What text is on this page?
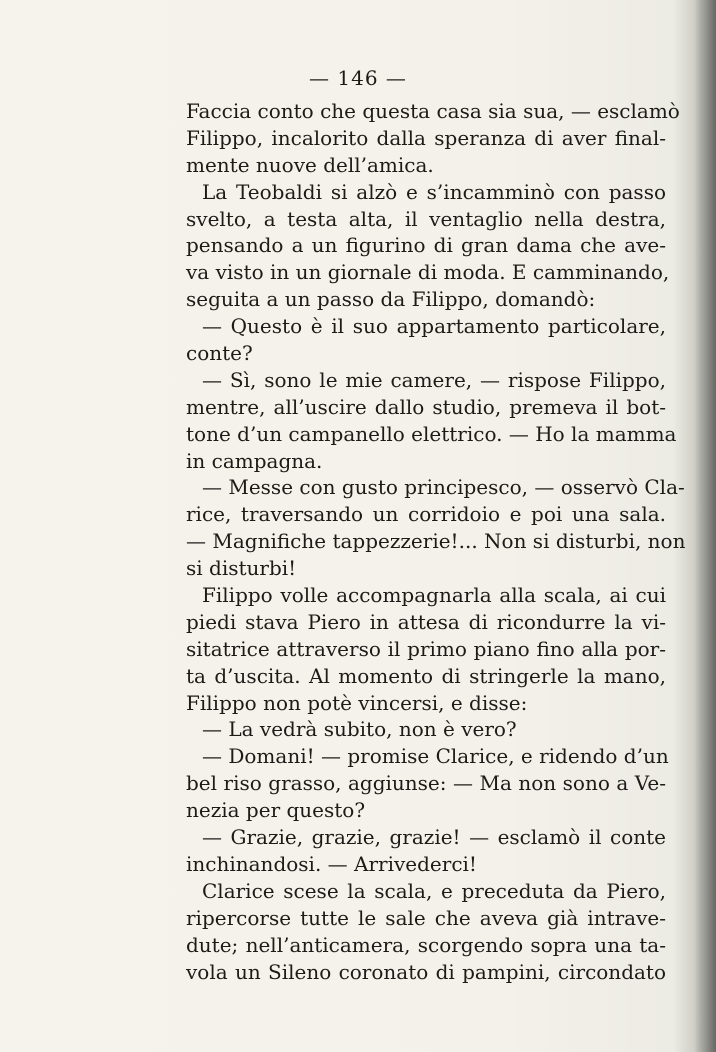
— 146 —
Faccia conto che questa casa sia sua, — esclamò
Filippo, incalorito dalla speranza di aver final-
mente nuove dell’amica.
La Teobaldi si alzò e s’incamminò con passo
svelto, a testa alta, il ventaglio nella destra,
pensando a un figurino di gran dama che ave-
va visto in un giornale di moda. E camminando,
seguita a un passo da Filippo, domandò:
— Questo è il suo appartamento particolare,
conte?
— Sì, sono le mie camere, — rispose Filippo,
mentre, all’uscire dallo studio, premeva il bot-
tone d’un campanello elettrico. — Ho la mamma
in campagna.
— Messe con gusto principesco, — osservò Cla-
rice, traversando un corridoio e poi una sala.
— Magnifiche tappezzerie!... Non si disturbi, non
si disturbi!
Filippo volle accompagnarla alla scala, ai cui
piedi stava Piero in attesa di ricondurre la vi-
sitatrice attraverso il primo piano fino alla por-
ta d’uscita. Al momento di stringerle la mano,
Filippo non potè vincersi, e disse:
— La vedrà subito, non è vero?
— Domani! — promise Clarice, e ridendo d’un
bel riso grasso, aggiunse: — Ma non sono a Ve-
nezia per questo?
— Grazie, grazie, grazie! — esclamò il conte
inchinandosi. — Arrivederci!
Clarice scese la scala, e preceduta da Piero,
ripercorse tutte le sale che aveva già intrave-
dute; nell’anticamera, scorgendo sopra una ta-
vola un Sileno coronato di pampini, circondato
